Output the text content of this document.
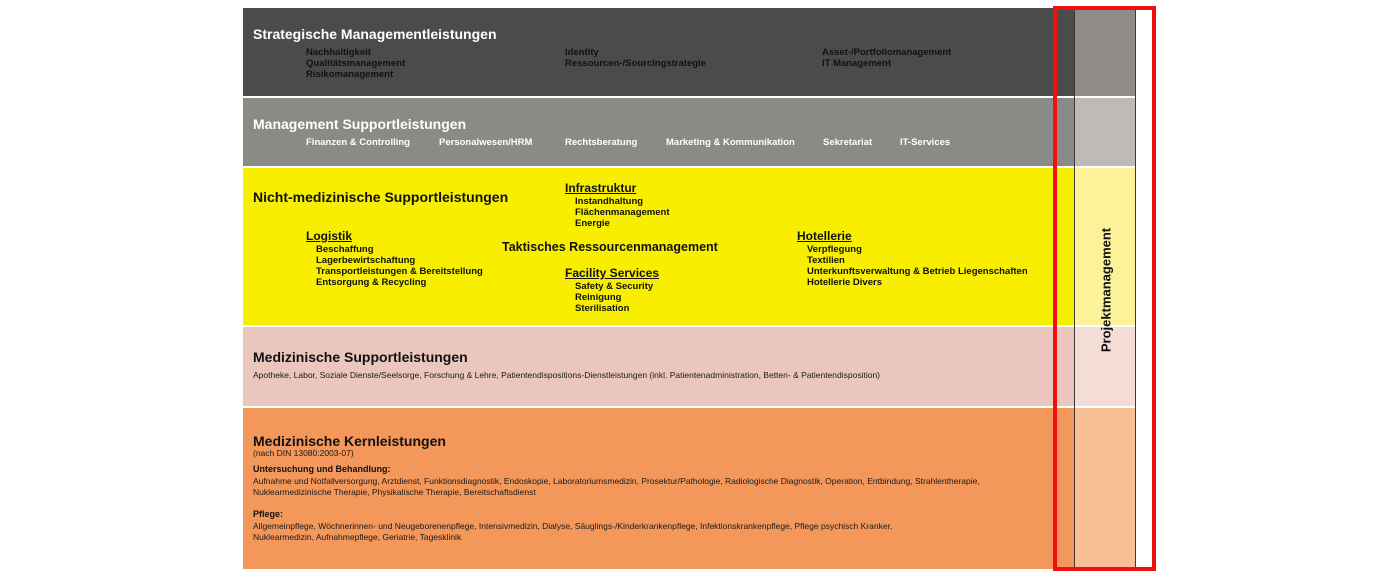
Strategische Managementleistungen
Nachhaltigkeit
Qualitätsmanagement
Risikomanagement
Identity
Ressourcen-/Sourcingstrategie
Asset-/Portfoliomanagement
IT Management
Management Supportleistungen
Finanzen & Controlling	Personalwesen/HRM	Rechtsberatung	Marketing & Kommunikation	Sekretariat	IT-Services
Nicht-medizinische Supportleistungen
Infrastruktur
Instandhaltung
Flächenmanagement
Energie
Logistik
Beschaffung
Lagerbewirtschaftung
Transportleistungen & Bereitstellung
Entsorgung & Recycling
Taktisches Ressourcenmanagement
Facility Services
Safety & Security
Reinigung
Sterilisation
Hotellerie
Verpflegung
Textilien
Unterkunftsverwaltung & Betrieb Liegenschaften
Hotellerie Divers
Medizinische Supportleistungen
Apotheke, Labor, Soziale Dienste/Seelsorge, Forschung & Lehre, Patientendispositions-Dienstleistungen (inkl. Patientenadministration, Betten- & Patientendisposition)
Medizinische Kernleistungen
(nach DIN 13080:2003-07)
Untersuchung und Behandlung:
Aufnahme und Notfallversorgung, Arztdienst, Funktionsdiagnostik, Endoskopie, Laboratoriumsmedizin, Prosektur/Pathologie, Radiologische Diagnostik, Operation, Entbindung, Strahlentherapie,
Nuklearmedizinische Therapie, Physikalische Therapie, Bereitschaftsdienst
Pflege:
Allgemeinpflege, Wöchnerinnen- und Neugeborenenpflege, Intensivmedizin, Dialyse, Säuglings-/Kinderkrankenpflege, Infektionskrankenpflege, Pflege psychisch Kranker,
Nuklearmedizin, Aufnahmepflege, Geriatrie, Tagesklinik
Projektmanagement
